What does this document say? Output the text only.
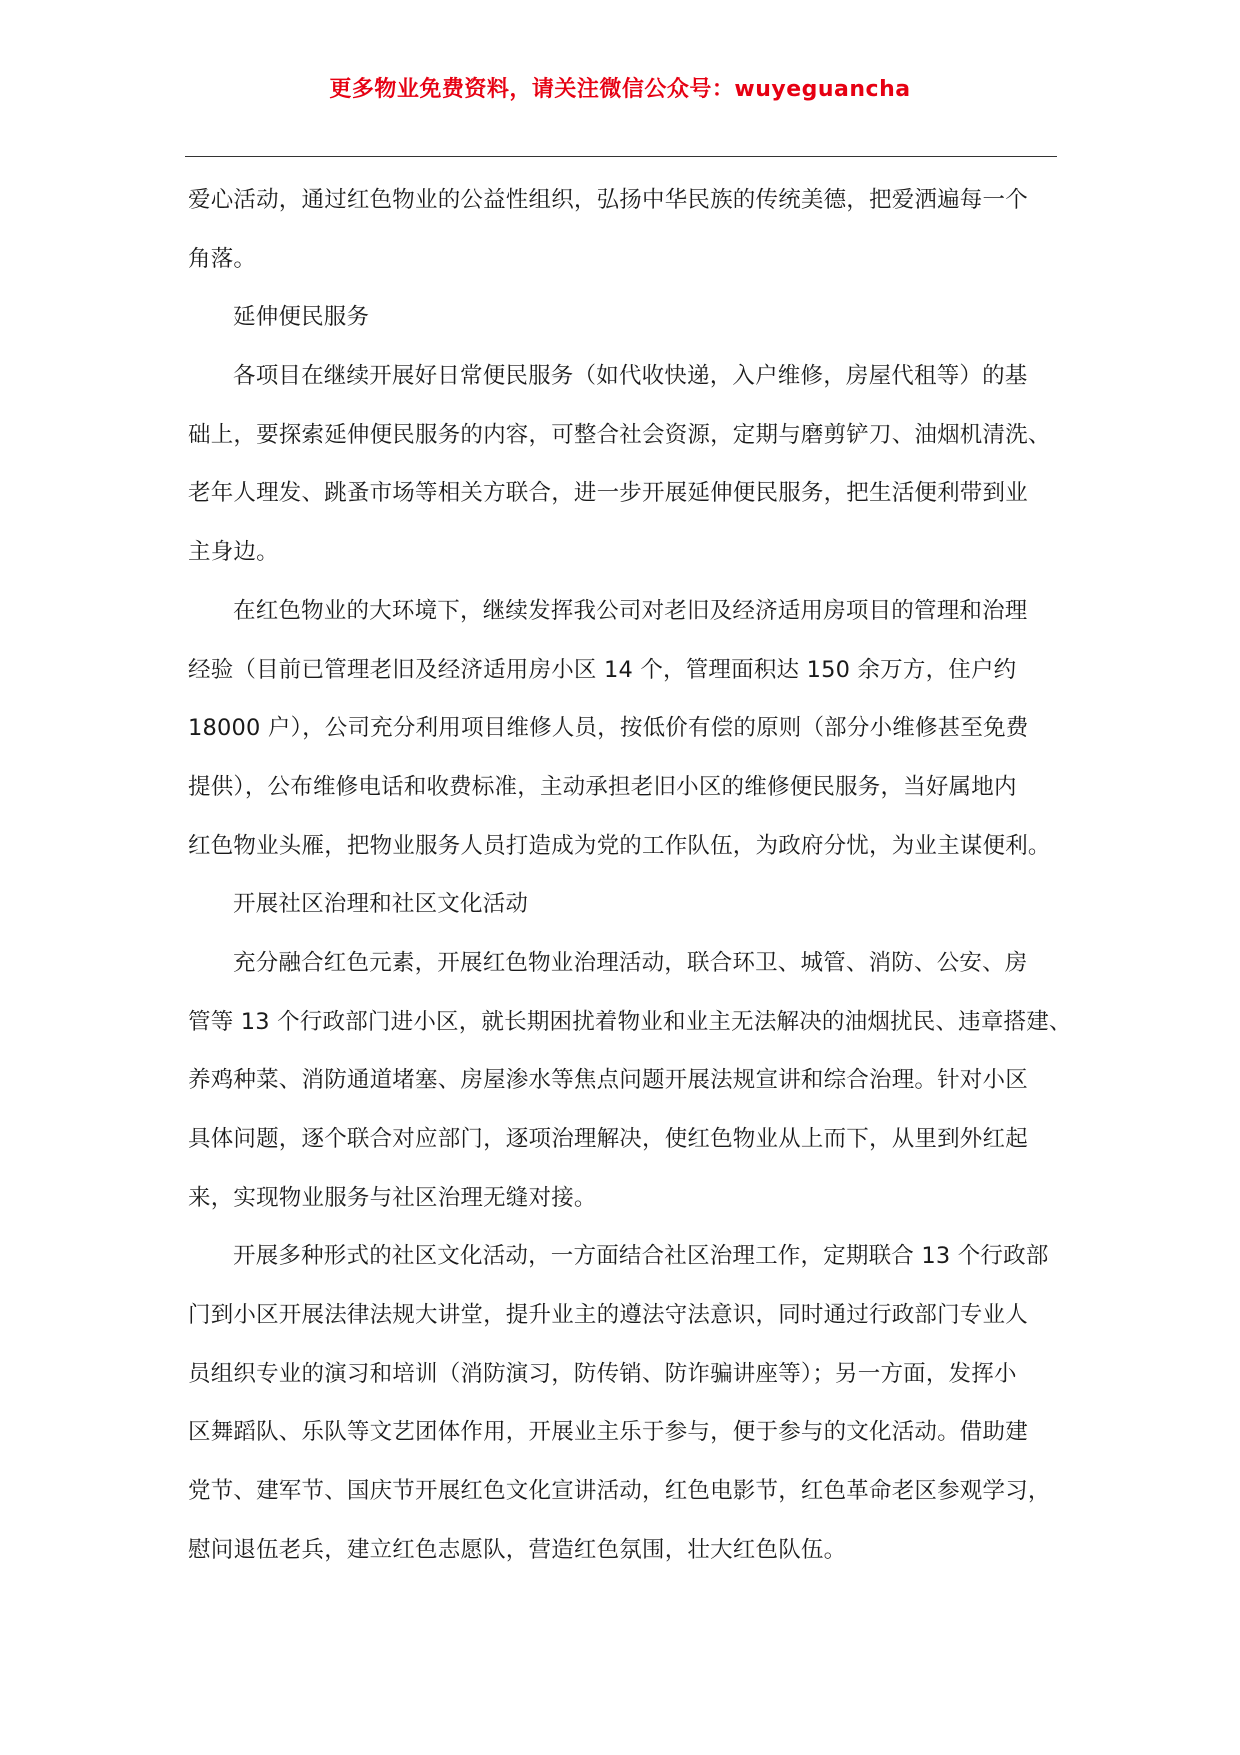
更多物业免费资料，请关注微信公众号：wuyeguancha
爱心活动，通过红色物业的公益性组织，弘扬中华民族的传统美德，把爱洒遍每一个
角落。
延伸便民服务
各项目在继续开展好日常便民服务（如代收快递，入户维修，房屋代租等）的基
础上，要探索延伸便民服务的内容，可整合社会资源，定期与磨剪铲刀、油烟机清洗、
老年人理发、跳蚤市场等相关方联合，进一步开展延伸便民服务，把生活便利带到业
主身边。
在红色物业的大环境下，继续发挥我公司对老旧及经济适用房项目的管理和治理
经验（目前已管理老旧及经济适用房小区 14 个，管理面积达 150 余万方，住户约
18000 户），公司充分利用项目维修人员，按低价有偿的原则（部分小维修甚至免费
提供），公布维修电话和收费标准，主动承担老旧小区的维修便民服务，当好属地内
红色物业头雁，把物业服务人员打造成为党的工作队伍，为政府分忧，为业主谋便利。
开展社区治理和社区文化活动
充分融合红色元素，开展红色物业治理活动，联合环卫、城管、消防、公安、房
管等 13 个行政部门进小区，就长期困扰着物业和业主无法解决的油烟扰民、违章搭建、
养鸡种菜、消防通道堵塞、房屋渗水等焦点问题开展法规宣讲和综合治理。针对小区
具体问题，逐个联合对应部门，逐项治理解决，使红色物业从上而下，从里到外红起
来，实现物业服务与社区治理无缝对接。
开展多种形式的社区文化活动，一方面结合社区治理工作，定期联合 13 个行政部
门到小区开展法律法规大讲堂，提升业主的遵法守法意识，同时通过行政部门专业人
员组织专业的演习和培训（消防演习，防传销、防诈骗讲座等）；另一方面，发挥小
区舞蹈队、乐队等文艺团体作用，开展业主乐于参与，便于参与的文化活动。借助建
党节、建军节、国庆节开展红色文化宣讲活动，红色电影节，红色革命老区参观学习，
慰问退伍老兵，建立红色志愿队，营造红色氛围，壮大红色队伍。
